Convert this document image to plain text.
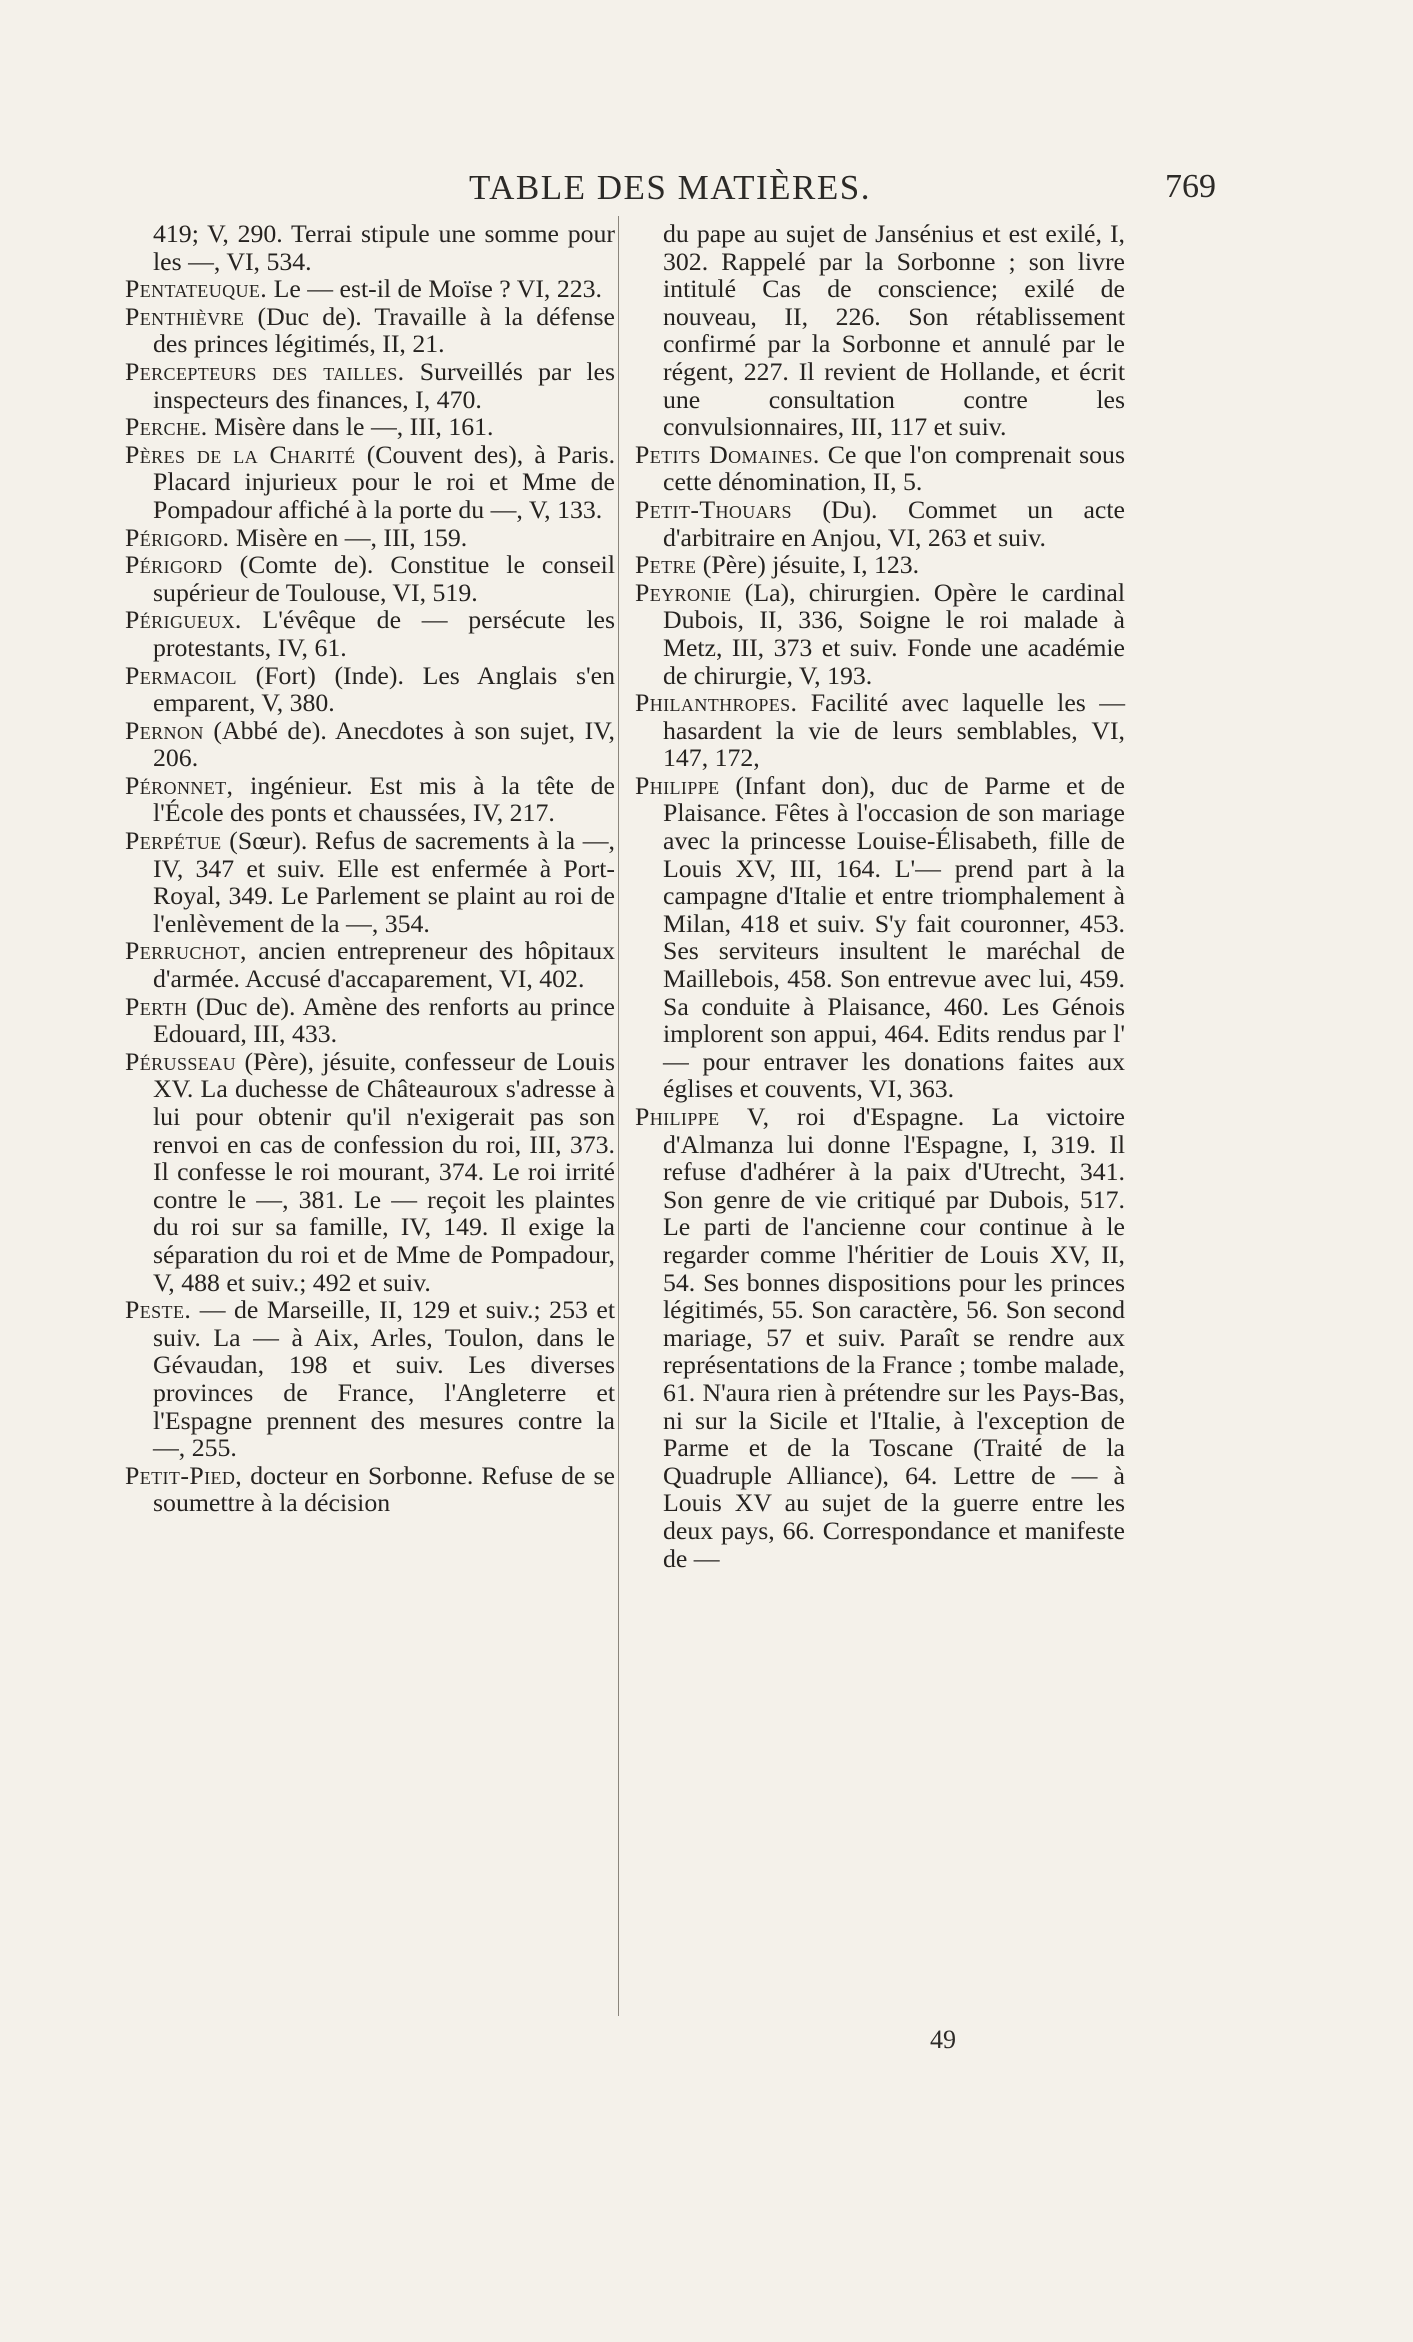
TABLE DES MATIÈRES.	769

419; V, 290. Terrai stipule une somme pour les —, VI, 534.

Pentateuque. Le — est-il de Moïse ? VI, 223.

Penthièvre (Duc de). Travaille à la défense des princes légitimés, II, 21.

Percepteurs des tailles. Surveillés par les inspecteurs des finances, I, 470.

Perche. Misère dans le —, III, 161.

Pères de la Charité (Couvent des), à Paris. Placard injurieux pour le roi et Mme de Pompadour affiché à la porte du —, V, 133.

Périgord. Misère en —, III, 159.

Périgord (Comte de). Constitue le conseil supérieur de Toulouse, VI, 519.

Périgueux. L'évêque de — persécute les protestants, IV, 61.

Permacoil (Fort) (Inde). Les Anglais s'en emparent, V, 380.

Pernon (Abbé de). Anecdotes à son sujet, IV, 206.

Péronnet, ingénieur. Est mis à la tête de l'École des ponts et chaussées, IV, 217.

Perpétue (Sœur). Refus de sacrements à la —, IV, 347 et suiv. Elle est enfermée à Port-Royal, 349. Le Parlement se plaint au roi de l'enlèvement de la —, 354.

Perruchot, ancien entrepreneur des hôpitaux d'armée. Accusé d'accaparement, VI, 402.

Perth (Duc de). Amène des renforts au prince Edouard, III, 433.

Pérusseau (Père), jésuite, confesseur de Louis XV. La duchesse de Châteauroux s'adresse à lui pour obtenir qu'il n'exigerait pas son renvoi en cas de confession du roi, III, 373. Il confesse le roi mourant, 374. Le roi irrité contre le —, 381. Le — reçoit les plaintes du roi sur sa famille, IV, 149. Il exige la séparation du roi et de Mme de Pompadour, V, 488 et suiv.; 492 et suiv.

Peste. — de Marseille, II, 129 et suiv.; 253 et suiv. La — à Aix, Arles, Toulon, dans le Gévaudan, 198 et suiv. Les diverses provinces de France, l'Angleterre et l'Espagne prennent des mesures contre la —, 255.

Petit-Pied, docteur en Sorbonne. Refuse de se soumettre à la décision

du pape au sujet de Jansénius et est exilé, I, 302. Rappelé par la Sorbonne ; son livre intitulé Cas de conscience; exilé de nouveau, II, 226. Son rétablissement confirmé par la Sorbonne et annulé par le régent, 227. Il revient de Hollande, et écrit une consultation contre les convulsionnaires, III, 117 et suiv.

Petits Domaines. Ce que l'on comprenait sous cette dénomination, II, 5.

Petit-Thouars (Du). Commet un acte d'arbitraire en Anjou, VI, 263 et suiv.

Petre (Père) jésuite, I, 123.

Peyronie (La), chirurgien. Opère le cardinal Dubois, II, 336, Soigne le roi malade à Metz, III, 373 et suiv. Fonde une académie de chirurgie, V, 193.

Philanthropes. Facilité avec laquelle les — hasardent la vie de leurs semblables, VI, 147, 172,

Philippe (Infant don), duc de Parme et de Plaisance. Fêtes à l'occasion de son mariage avec la princesse Louise-Élisabeth, fille de Louis XV, III, 164. L'— prend part à la campagne d'Italie et entre triomphalement à Milan, 418 et suiv. S'y fait couronner, 453. Ses serviteurs insultent le maréchal de Maillebois, 458. Son entrevue avec lui, 459. Sa conduite à Plaisance, 460. Les Génois implorent son appui, 464. Edits rendus par l' — pour entraver les donations faites aux églises et couvents, VI, 363.

Philippe V, roi d'Espagne. La victoire d'Almanza lui donne l'Espagne, I, 319. Il refuse d'adhérer à la paix d'Utrecht, 341. Son genre de vie critiqué par Dubois, 517. Le parti de l'ancienne cour continue à le regarder comme l'héritier de Louis XV, II, 54. Ses bonnes dispositions pour les princes légitimés, 55. Son caractère, 56. Son second mariage, 57 et suiv. Paraît se rendre aux représentations de la France ; tombe malade, 61. N'aura rien à prétendre sur les Pays-Bas, ni sur la Sicile et l'Italie, à l'exception de Parme et de la Toscane (Traité de la Quadruple Alliance), 64. Lettre de — à Louis XV au sujet de la guerre entre les deux pays, 66. Correspondance et manifeste de —

49
